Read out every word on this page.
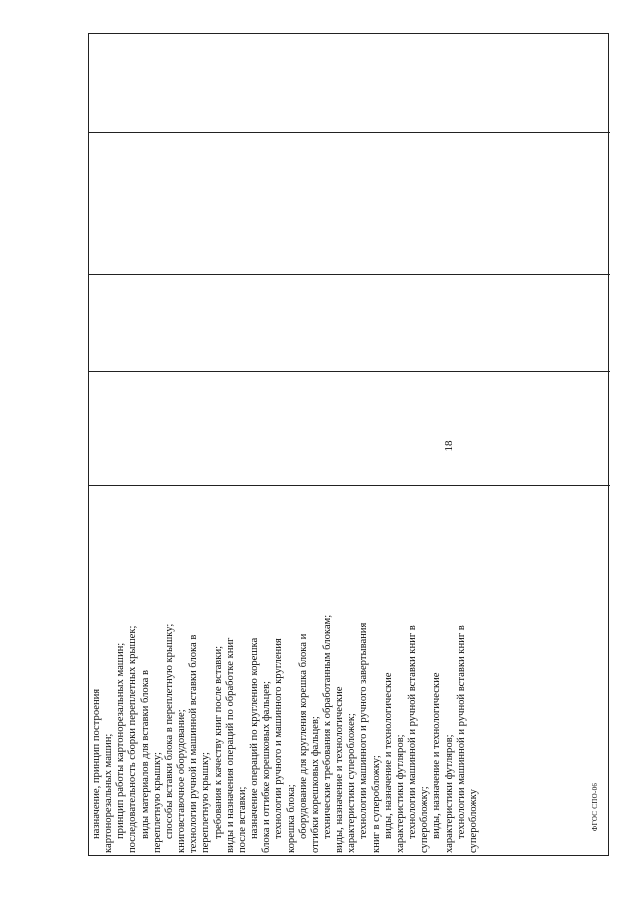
18
назначение, принцип построения картонорезальных машин; принцип работы картонорезальных машин; последовательность сборки переплетных крышек; виды материалов для вставки блока в переплетную крышку; способы вставки блока в переплетную крышку; книговставочное оборудование; технологии ручной и машинной вставки блока в переплетную крышку; требования к качеству книг после вставки; виды и назначения операций по обработке книг после вставки; назначение операций по круглению корешка блока и отгибке корешковых фальцев; технологии ручного и машинного кругления корешка блока; оборудование для кругления корешка блока и отгибки корешковых фальцев; технические требования к обработанным блокам; виды, назначение и технологические характеристики суперобложек; технологии машинного и ручного завертывания книг в суперобложку; виды, назначение и технологические характеристики футляров; технологии машинной и ручной вставки книг в суперобложку; виды, назначение и технологические характеристики футляров; технологии машинной и ручной вставки книг в суперобложку	ФГОС СПО-06
